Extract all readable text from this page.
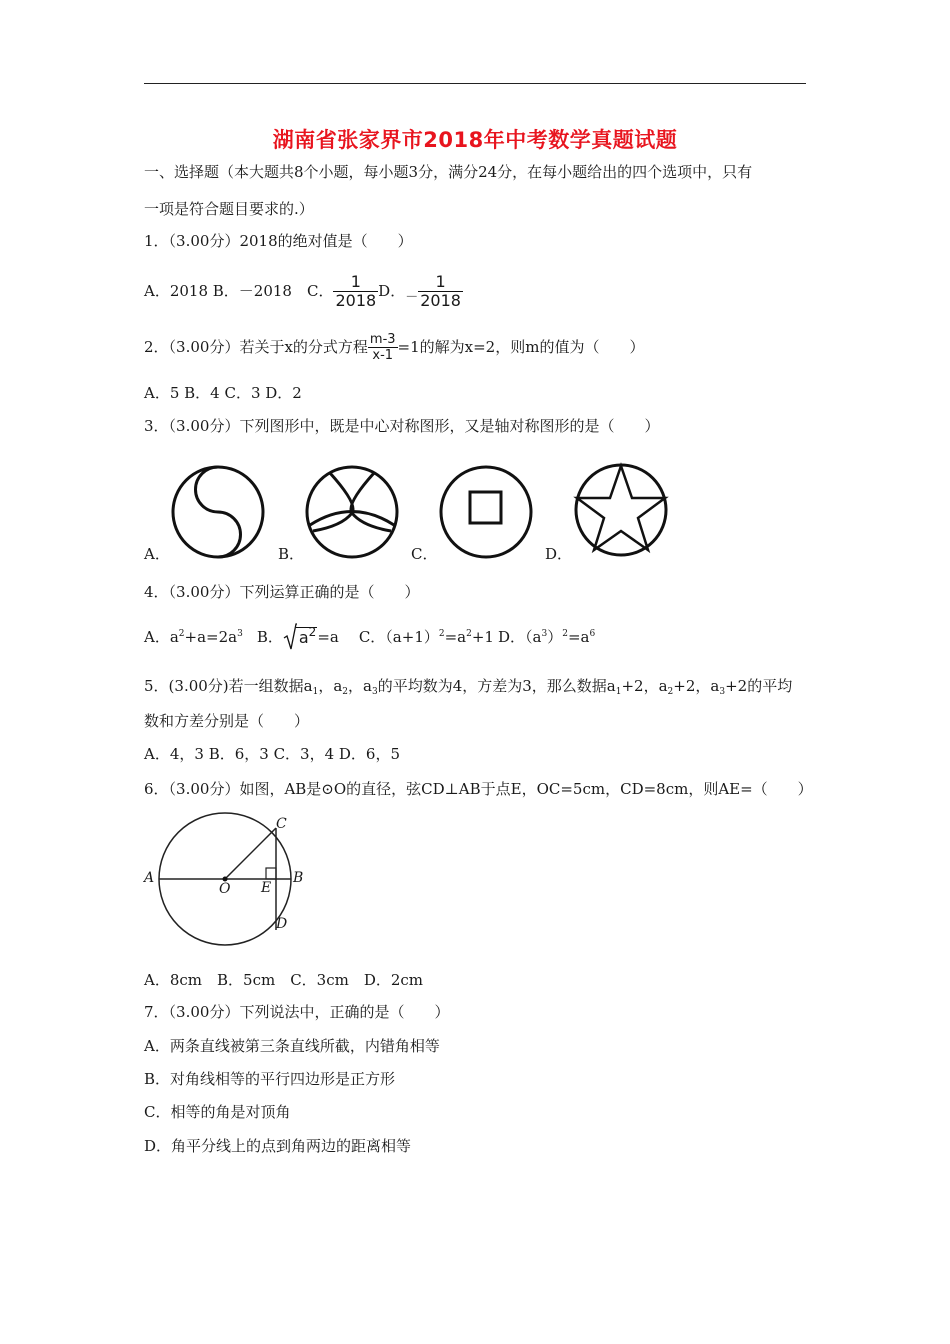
湖南省张家界市2018年中考数学真题试题
一、选择题（本大题共8个小题，每小题3分，满分24分，在每小题给出的四个选项中，只有
一项是符合题目要求的.）
1．（3.00分）2018的绝对值是（　　）
A．2018 B．－2018　C． $\frac{1}{2018}$ D． － $\frac{1}{2018}$
2．（3.00分）若关于x的分式方程 $\frac{m-3}{x-1} =1$的解为x=2，则m的值为（　　）
A．5 B．4 C．3 D．2
3．（3.00分）下列图形中，既是中心对称图形，又是轴对称图形的是（　　）
A．	B．	C．	D．
4．（3.00分）下列运算正确的是（　　）
A．$a^2+a=2a^3$ B．	$a^2 =a$ C．$(a+1)^2=a^2+1$ D．$(a^3)^2=a^6$
5．(3.00分)若一组数据$a_1$，$a_2$，$a_3$的平均数为4，方差为3，那么数据$a_1+2$，$a_2+2$，$a_3+2$的平均
数和方差分别是（　　）
A．4，3 B．6，3 C．3，4 D．6，5
6．（3.00分）如图，AB是⊙O的直径，弦CD⊥AB于点E，OC=5cm，CD=8cm，则AE=（　　）
A
O E
B
C
D
A．8cm　B．5cm　C．3cm　D．2cm
7．（3.00分）下列说法中，正确的是（　　）
A．两条直线被第三条直线所截，内错角相等
B．对角线相等的平行四边形是正方形
C．相等的角是对顶角
D．角平分线上的点到角两边的距离相等
